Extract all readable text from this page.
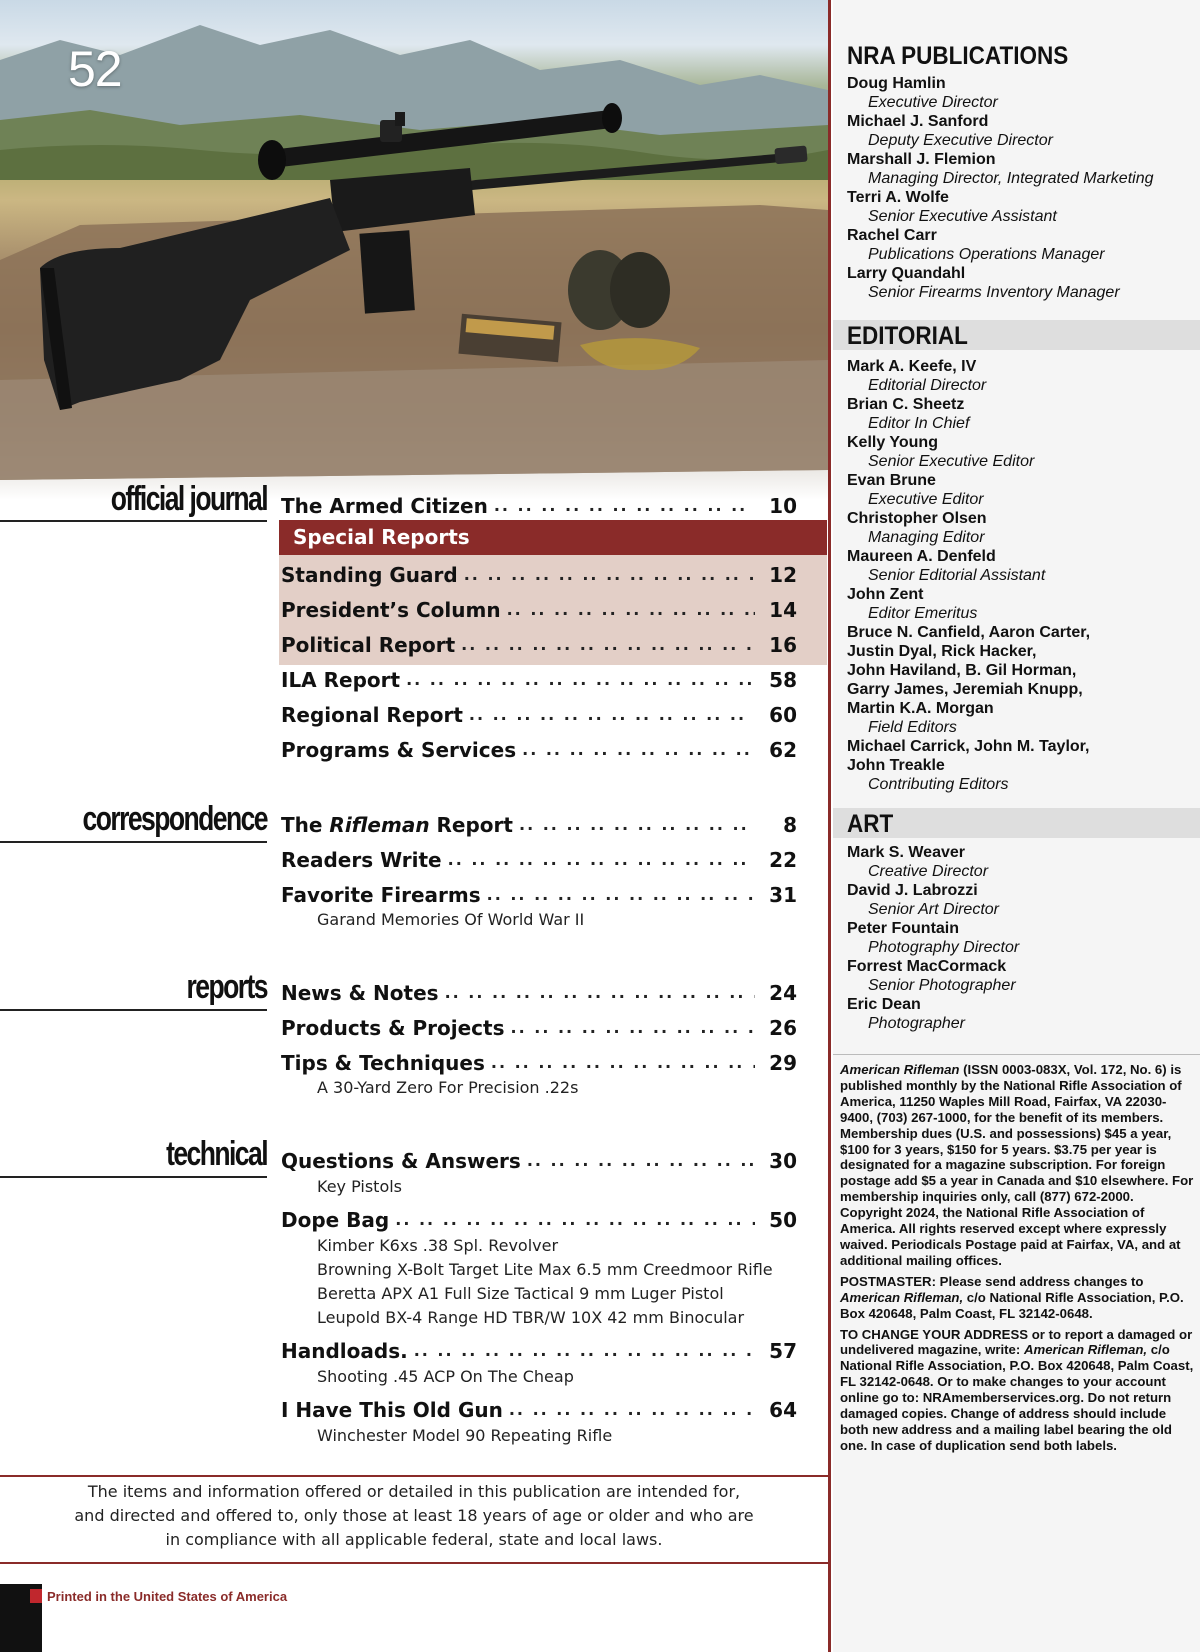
52
official journal The Armed Citizen .. ..	10
Special Reports
Standing Guard .. ..	12
President’s Column .. ..	14
Political Report .. ..	16
ILA Report .. ..	58
Regional Report .. ..	60
Programs & Services .. ..	62
correspondence The Rifleman Report .. ..	8
Readers Write .. ..	22
Favorite Firearms .. ..	31
Garand Memories Of World War II
reports News & Notes .. ..	24
Products & Projects .. ..	26
Tips & Techniques .. ..	29
A 30-Yard Zero For Precision .22s
technical Questions & Answers .. ..	30
Key Pistols
Dope Bag .. ..	50
Kimber K6xs .38 Spl. Revolver
Browning X-Bolt Target Lite Max 6.5 mm Creedmoor Rifle
Beretta APX A1 Full Size Tactical 9 mm Luger Pistol
Leupold BX-4 Range HD TBR/W 10X 42 mm Binocular
Handloads. .. ..	57
Shooting .45 ACP On The Cheap
I Have This Old Gun .. ..	64
Winchester Model 90 Repeating Rifle
The items and information offered or detailed in this publication are intended for,
and directed and offered to, only those at least 18 years of age or older and who are
in compliance with all applicable federal, state and local laws.
Printed in the United States of America
NRA PUBLICATIONS
Doug Hamlin
Executive Director
Michael J. Sanford
Deputy Executive Director
Marshall J. Flemion
Managing Director, Integrated Marketing
Terri A. Wolfe
Senior Executive Assistant
Rachel Carr
Publications Operations Manager
Larry Quandahl
Senior Firearms Inventory Manager
EDITORIAL
Mark A. Keefe, IV
Editorial Director
Brian C. Sheetz
Editor In Chief
Kelly Young
Senior Executive Editor
Evan Brune
Executive Editor
Christopher Olsen
Managing Editor
Maureen A. Denfeld
Senior Editorial Assistant
John Zent
Editor Emeritus
Bruce N. Canfield, Aaron Carter,
Justin Dyal, Rick Hacker,
John Haviland, B. Gil Horman,
Garry James, Jeremiah Knupp,
Martin K.A. Morgan
Field Editors
Michael Carrick, John M. Taylor,
John Treakle
Contributing Editors
ART
Mark S. Weaver
Creative Director
David J. Labrozzi
Senior Art Director
Peter Fountain
Photography Director
Forrest MacCormack
Senior Photographer
Eric Dean
Photographer

American Rifleman (ISSN 0003-083X, Vol. 172, No. 6) is published monthly by the National Rifle Association of America, 11250 Waples Mill Road, Fairfax, VA 22030-9400, (703) 267-1000, for the benefit of its members. Membership dues (U.S. and possessions) $45 a year, $100 for 3 years, $150 for 5 years. $3.75 per year is designated for a magazine subscription. For foreign postage add $5 a year in Canada and $10 elsewhere. For membership inquiries only, call (877) 672-2000. Copyright 2024, the National Rifle Association of America. All rights reserved except where expressly waived. Periodicals Postage paid at Fairfax, VA, and at additional mailing offices.

POSTMASTER: Please send address changes to American Rifleman, c/o National Rifle Association, P.O. Box 420648, Palm Coast, FL 32142-0648.

TO CHANGE YOUR ADDRESS or to report a damaged or undelivered magazine, write: American Rifleman, c/o National Rifle Association, P.O. Box 420648, Palm Coast, FL 32142-0648. Or to make changes to your account online go to: NRAmemberservices.org. Do not return damaged copies. Change of address should include both new address and a mailing label bearing the old one. In case of duplication send both labels.
